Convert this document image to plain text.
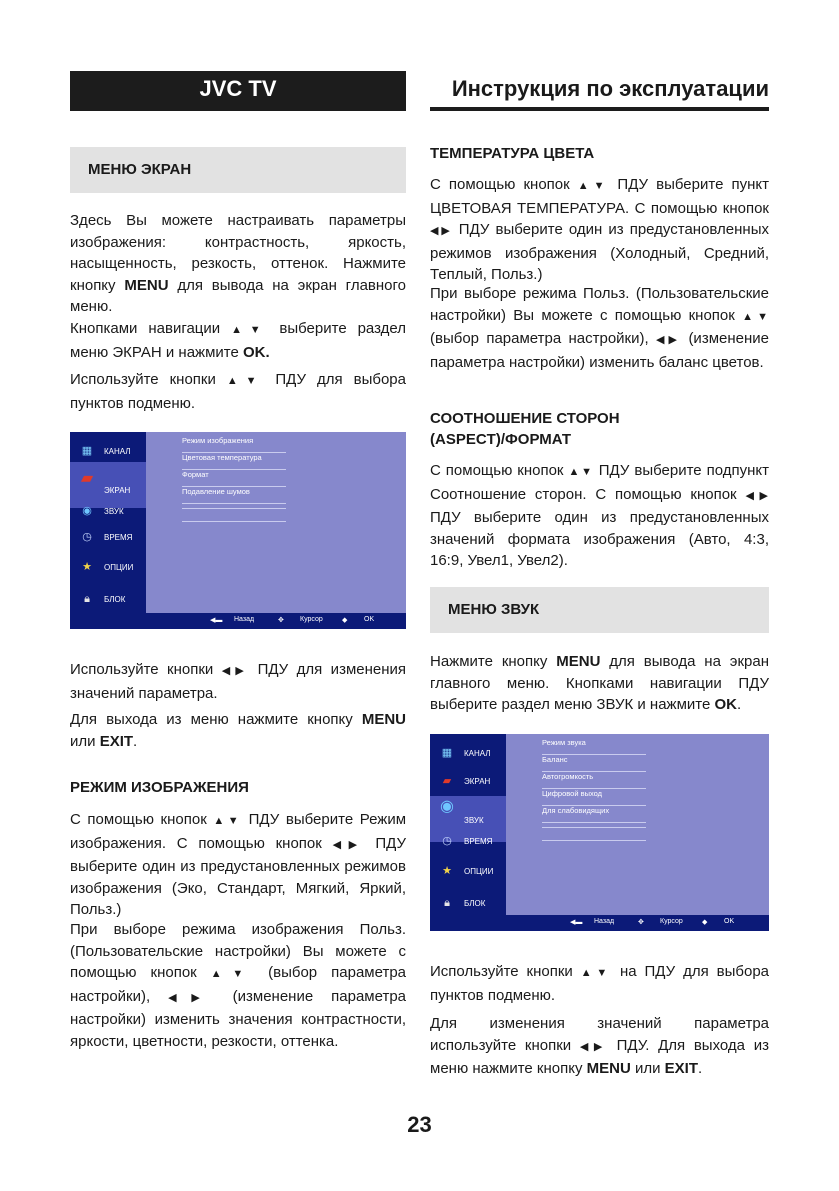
JVC TV	Инструкция по эксплуатации
МЕНЮ ЭКРАН
Здесь Вы можете настраивать параметры изображения: контрастность, яркость, насыщенность, резкость, оттенок. Нажмите кнопку MENU для вывода на экран главного меню.
Кнопками навигации ▲▼ выберите раздел меню ЭКРАН и нажмите OK.
Используйте кнопки ▲▼ ПДУ для выбора пунктов подменю.
▦ КАНАЛ
▰
ЭКРАН
◉ ЗВУК
◷ ВРЕМЯ
★ ОПЦИИ
🔒︎	БЛОК
Режим изображения
Цветовая температура
Формат
Подавление шумов
◀▬ Назад	✥ Курсор	◆ OK
Используйте кнопки ◀▶ ПДУ для изменения значений параметра.
Для выхода из меню нажмите кнопку MENU или EXIT.
РЕЖИМ ИЗОБРАЖЕНИЯ
С помощью кнопок ▲▼ ПДУ выберите Режим изображения. С помощью кнопок ◀▶ ПДУ выберите один из предустановленных режимов изображения (Эко, Стандарт, Мягкий, Яркий, Польз.)
При выборе режима изображения Польз. (Пользовательские настройки) Вы можете с помощью кнопок ▲▼ (выбор параметра настройки), ◀▶ (изменение параметра настройки) изменить значения контрастности, яркости, цветности, резкости, оттенка.
ТЕМПЕРАТУРА ЦВЕТА
С помощью кнопок ▲▼ ПДУ выберите пункт ЦВЕТОВАЯ ТЕМПЕРАТУРА. С помощью кнопок ◀▶ ПДУ выберите один из предустановленных режимов изображения (Холодный, Средний, Теплый, Польз.)
При выборе режима Польз. (Пользовательские настройки) Вы можете с помощью кнопок ▲▼ (выбор параметра настройки), ◀▶ (изменение параметра настройки) изменить баланс цветов.
СООТНОШЕНИЕ СТОРОН
(ASPECT)/ФОРМАТ
С помощью кнопок ▲▼ ПДУ выберите подпункт Соотношение сторон. С помощью кнопок ◀▶ ПДУ выберите один из предустановленных значений формата изображения (Авто, 4:3, 16:9, Увел1, Увел2).
МЕНЮ ЗВУК
Нажмите кнопку MENU для вывода на экран главного меню. Кнопками навигации ПДУ выберите раздел меню ЗВУК и нажмите OK.
▦ КАНАЛ
▰	ЭКРАН
◉
ЗВУК
◷ ВРЕМЯ
★ ОПЦИИ
🔒︎	БЛОК
Режим звука
Баланс
Автогромкость
Цифровой выход
Для слабовидящих
◀▬ Назад	✥ Курсор	◆ OK
Используйте кнопки ▲▼ на ПДУ для выбора пунктов подменю.
Для изменения значений параметра используйте кнопки ◀▶ ПДУ. Для выхода из меню нажмите кнопку MENU или EXIT.
23
